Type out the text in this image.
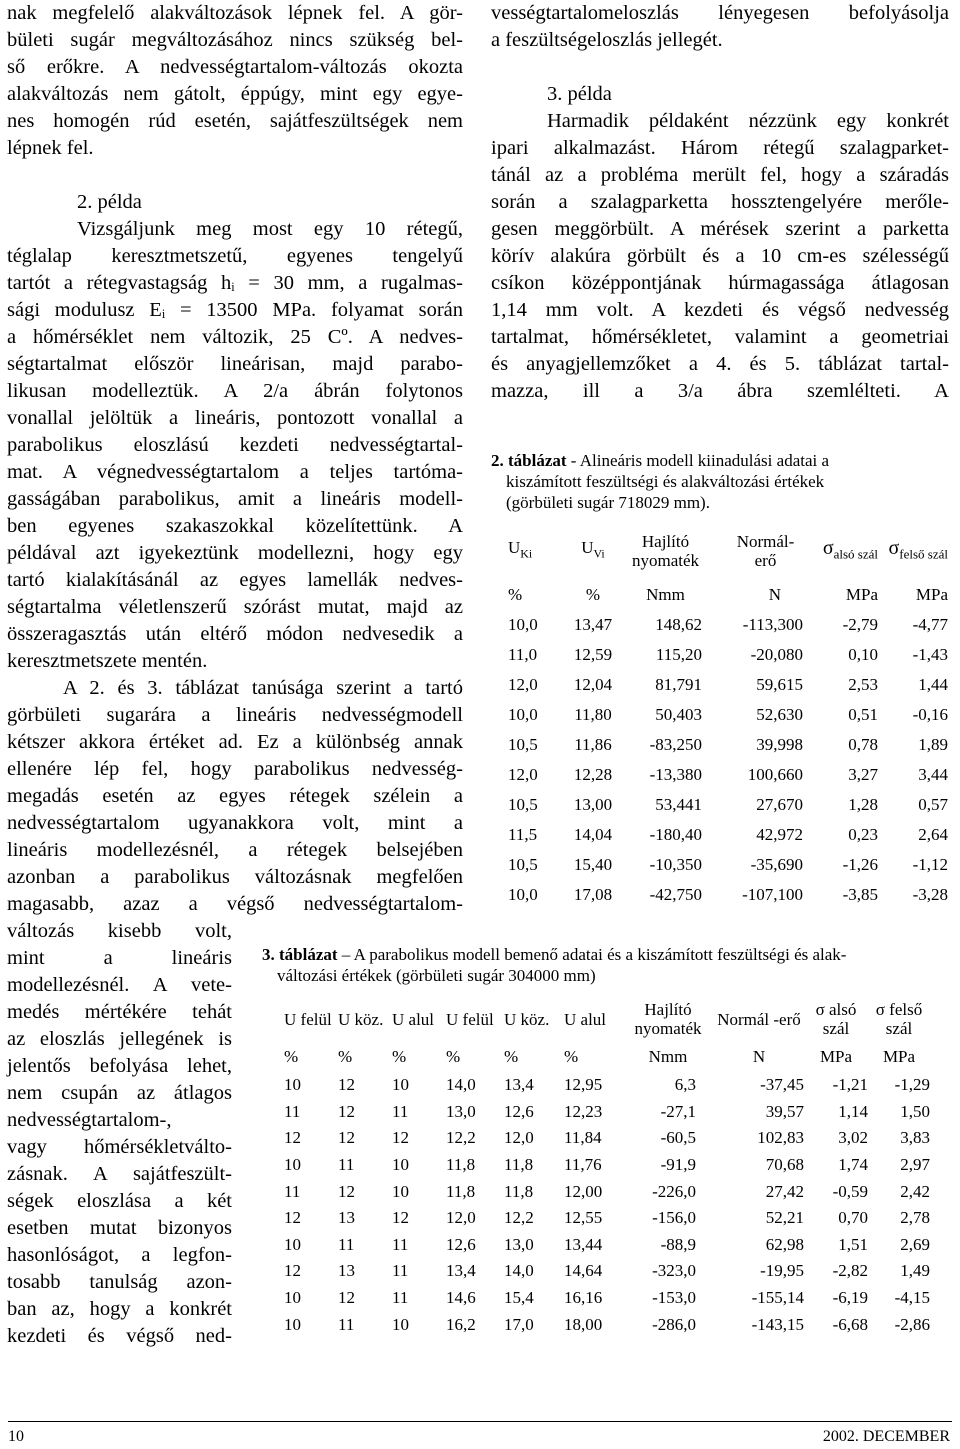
nak megfelelő alakváltozások lépnek fel. A gör-
bületi sugár megváltozásához nincs szükség bel-
ső erőkre. A nedvességtartalom-változás okozta
alakváltozás nem gátolt, éppúgy, mint egy egye-
nes homogén rúd esetén, sajátfeszültségek nem
lépnek fel.
2. példa
Vizsgáljunk meg most egy 10 rétegű,
téglalap keresztmetszetű, egyenes tengelyű
tartót a rétegvastagság hᵢ = 30 mm, a rugalmas-
sági modulusz Eᵢ = 13500 MPa. folyamat során
a hőmérséklet nem változik, 25 Cº. A nedves-
ségtartalmat először lineárisan, majd parabo-
likusan modelleztük. A 2/a ábrán folytonos
vonallal jelöltük a lineáris, pontozott vonallal a
parabolikus eloszlású kezdeti nedvességtartal-
mat. A végnedvességtartalom a teljes tartóma-
gasságában parabolikus, amit a lineáris modell-
ben egyenes szakaszokkal közelítettünk. A
példával azt igyekeztünk modellezni, hogy egy
tartó kialakításánál az egyes lamellák nedves-
ségtartalma véletlenszerű szórást mutat, majd az
összeragasztás után eltérő módon nedvesedik a
keresztmetszete mentén.
A 2. és 3. táblázat tanúsága szerint a tartó
görbületi sugarára a lineáris nedvességmodell
kétszer akkora értéket ad. Ez a különbség annak
ellenére lép fel, hogy parabolikus nedvesség-
megadás esetén az egyes rétegek szélein a
nedvességtartalom ugyanakkora volt, mint a
lineáris modellezésnél, a rétegek belsejében
azonban a parabolikus változásnak megfelően
magasabb, azaz a végső nedvességtartalom-
változás kisebb volt,
mint a lineáris
modellezésnél. A vete-
medés mértékére tehát
az eloszlás jellegének is
jelentős befolyása lehet,
nem csupán az átlagos
nedvességtartalom-,
vagy hőmérsékletválto-
zásnak. A sajátfeszült-
ségek eloszlása a két
esetben mutat bizonyos
hasonlóságot, a legfon-
tosabb tanulság azon-
ban az, hogy a konkrét
kezdeti és végső ned-
vességtartalomeloszlás lényegesen befolyásolja
a feszültségeloszlás jellegét.
3. példa
Harmadik példaként nézzünk egy konkrét
ipari alkalmazást. Három rétegű szalagparket-
tánál az a probléma merült fel, hogy a száradás
során a szalagparketta hossztengelyére merőle-
gesen meggörbült. A mérések szerint a parketta
körív alakúra görbült és a 10 cm-es szélességű
csíkon középpontjának húrmagassága átlagosan
1,14 mm volt. A kezdeti és végső nedvesség
tartalmat, hőmérsékletet, valamint a geometriai
és anyagjellemzőket a 4. és 5. táblázat tartal-
mazza, ill a 3/a ábra szemlélteti. A
2. táblázat - Alineáris modell kiinadulási adatai a
kiszámított feszültségi és alakváltozási értékek
(görbületi sugár 718029 mm).
$U_{Ki}$	$U_{Vi}$	Hajlító nyomaték	Normál-erő	$\sigma_{alsó szál}$	$\sigma_{felső szál}$
%	%	Nmm	N	MPa	MPa
10,0	13,47	148,62	-113,300	-2,79	-4,77
11,0	12,59	115,20	-20,080	0,10	-1,43
12,0	12,04	81,791	59,615	2,53	1,44
10,0	11,80	50,403	52,630	0,51	-0,16
10,5	11,86	-83,250	39,998	0,78	1,89
12,0	12,28	-13,380	100,660	3,27	3,44
10,5	13,00	53,441	27,670	1,28	0,57
11,5	14,04	-180,40	42,972	0,23	2,64
10,5	15,40	-10,350	-35,690	-1,26	-1,12
10,0	17,08	-42,750	-107,100	-3,85	-3,28
3. táblázat – A parabolikus modell bemenő adatai és a kiszámított feszültségi és alak-
változási értékek (görbületi sugár 304000 mm)
U felül	U köz.	U alul	U felül	U köz.	U alul	Hajlító nyomaték	Normál -erő	σ alsó szál	σ felső szál
%	%	%	%	%	%	Nmm	N	MPa	MPa
10	12	10	14,0	13,4	12,95	6,3	-37,45	-1,21	-1,29
11	12	11	13,0	12,6	12,23	-27,1	39,57	1,14	1,50
12	12	12	12,2	12,0	11,84	-60,5	102,83	3,02	3,83
10	11	10	11,8	11,8	11,76	-91,9	70,68	1,74	2,97
11	12	10	11,8	11,8	12,00	-226,0	27,42	-0,59	2,42
12	13	12	12,0	12,2	12,55	-156,0	52,21	0,70	2,78
10	11	11	12,6	13,0	13,44	-88,9	62,98	1,51	2,69
12	13	11	13,4	14,0	14,64	-323,0	-19,95	-2,82	1,49
10	12	11	14,6	15,4	16,16	-153,0	-155,14	-6,19	-4,15
10	11	10	16,2	17,0	18,00	-286,0	-143,15	-6,68	-2,86
10	2002. DECEMBER
